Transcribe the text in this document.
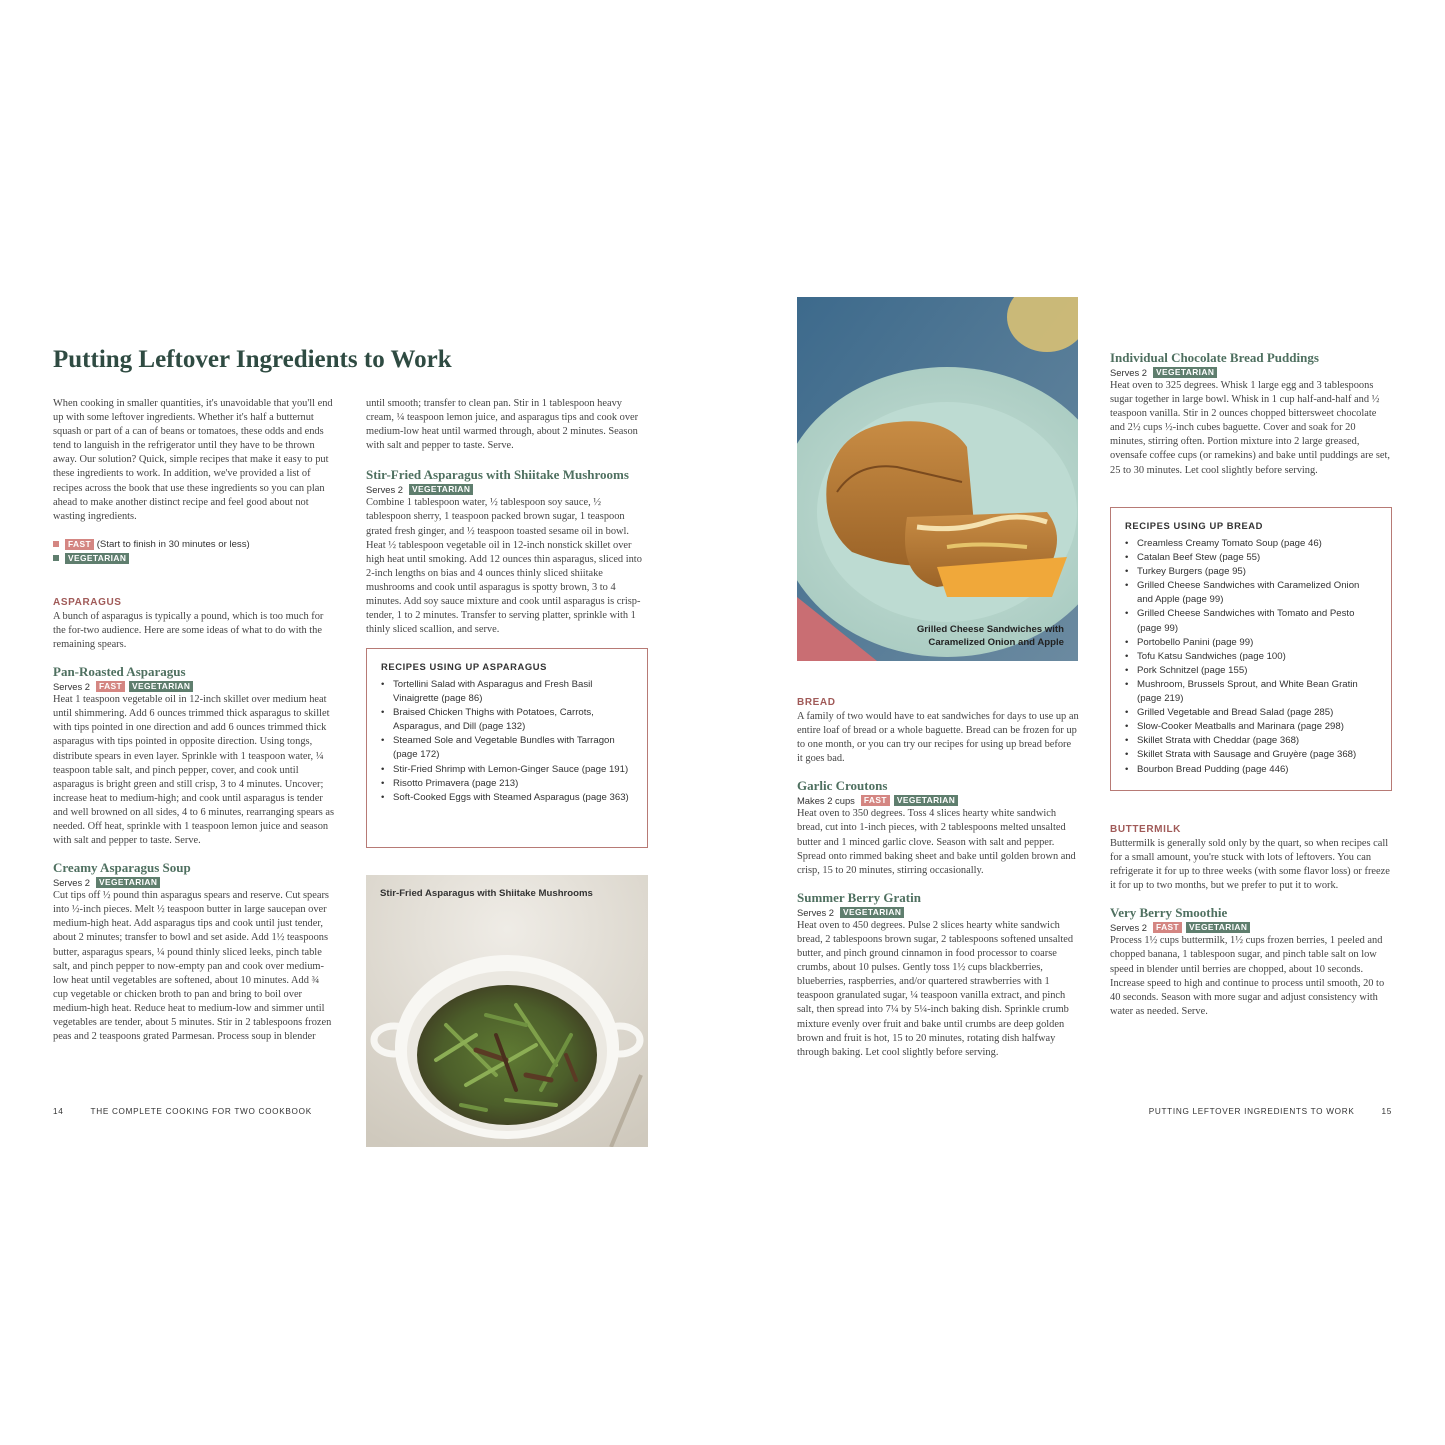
Putting Leftover Ingredients to Work

When cooking in smaller quantities, it's unavoidable that you'll end up with some leftover ingredients. Whether it's half a butternut squash or part of a can of beans or tomatoes, these odds and ends tend to languish in the refrigerator until they have to be thrown away. Our solution? Quick, simple recipes that make it easy to put these ingredients to work. In addition, we've provided a list of recipes across the book that use these ingredients so you can plan ahead to make another distinct recipe and feel good about not wasting ingredients.

FAST (Start to finish in 30 minutes or less)
VEGETARIAN
ASPARAGUS

A bunch of asparagus is typically a pound, which is too much for the for-two audience. Here are some ideas of what to do with the remaining spears.

Pan-Roasted Asparagus
Serves 2	FAST	VEGETARIAN

Heat 1 teaspoon vegetable oil in 12-inch skillet over medium heat until shimmering. Add 6 ounces trimmed thick asparagus to skillet with tips pointed in one direction and add 6 ounces trimmed thick asparagus with tips pointed in opposite direction. Using tongs, distribute spears in even layer. Sprinkle with 1 teaspoon water, ¼ teaspoon table salt, and pinch pepper, cover, and cook until asparagus is bright green and still crisp, 3 to 4 minutes. Uncover; increase heat to medium-high; and cook until asparagus is tender and well browned on all sides, 4 to 6 minutes, rearranging spears as needed. Off heat, sprinkle with 1 teaspoon lemon juice and season with salt and pepper to taste. Serve.

Creamy Asparagus Soup
Serves 2	VEGETARIAN

Cut tips off ½ pound thin asparagus spears and reserve. Cut spears into ½-inch pieces. Melt ½ teaspoon butter in large saucepan over medium-high heat. Add asparagus tips and cook until just tender, about 2 minutes; transfer to bowl and set aside. Add 1½ teaspoons butter, asparagus spears, ¼ pound thinly sliced leeks, pinch table salt, and pinch pepper to now-empty pan and cook over medium-low heat until vegetables are softened, about 10 minutes. Add ¾ cup vegetable or chicken broth to pan and bring to boil over medium-high heat. Reduce heat to medium-low and simmer until vegetables are tender, about 5 minutes. Stir in 2 tablespoons frozen peas and 2 teaspoons grated Parmesan. Process soup in blender

until smooth; transfer to clean pan. Stir in 1 tablespoon heavy cream, ¼ teaspoon lemon juice, and asparagus tips and cook over medium-low heat until warmed through, about 2 minutes. Season with salt and pepper to taste. Serve.

Stir-Fried Asparagus with Shiitake Mushrooms
Serves 2	VEGETARIAN

Combine 1 tablespoon water, ½ tablespoon soy sauce, ½ tablespoon sherry, 1 teaspoon packed brown sugar, 1 teaspoon grated fresh ginger, and ½ teaspoon toasted sesame oil in bowl. Heat ½ tablespoon vegetable oil in 12-inch nonstick skillet over high heat until smoking. Add 12 ounces thin asparagus, sliced into 2-inch lengths on bias and 4 ounces thinly sliced shiitake mushrooms and cook until asparagus is spotty brown, 3 to 4 minutes. Add soy sauce mixture and cook until asparagus is crisp-tender, 1 to 2 minutes. Transfer to serving platter, sprinkle with 1 thinly sliced scallion, and serve.

RECIPES USING UP ASPARAGUS
• Tortellini Salad with Asparagus and Fresh Basil Vinaigrette (page 86)
• Braised Chicken Thighs with Potatoes, Carrots, Asparagus, and Dill (page 132)
• Steamed Sole and Vegetable Bundles with Tarragon (page 172)
• Stir-Fried Shrimp with Lemon-Ginger Sauce (page 191)
• Risotto Primavera (page 213)
• Soft-Cooked Eggs with Steamed Asparagus (page 363)
Stir-Fried Asparagus with Shiitake Mushrooms
Grilled Cheese Sandwiches with Caramelized Onion and Apple
BREAD

A family of two would have to eat sandwiches for days to use up an entire loaf of bread or a whole baguette. Bread can be frozen for up to one month, or you can try our recipes for using up bread before it goes bad.

Garlic Croutons
Makes 2 cups	FAST	VEGETARIAN

Heat oven to 350 degrees. Toss 4 slices hearty white sandwich bread, cut into 1-inch pieces, with 2 tablespoons melted unsalted butter and 1 minced garlic clove. Season with salt and pepper. Spread onto rimmed baking sheet and bake until golden brown and crisp, 15 to 20 minutes, stirring occasionally.

Summer Berry Gratin
Serves 2	VEGETARIAN

Heat oven to 450 degrees. Pulse 2 slices hearty white sandwich bread, 2 tablespoons brown sugar, 2 tablespoons softened unsalted butter, and pinch ground cinnamon in food processor to coarse crumbs, about 10 pulses. Gently toss 1½ cups blackberries, blueberries, raspberries, and/or quartered strawberries with 1 teaspoon granulated sugar, ¼ teaspoon vanilla extract, and pinch salt, then spread into 7¼ by 5¼-inch baking dish. Sprinkle crumb mixture evenly over fruit and bake until crumbs are deep golden brown and fruit is hot, 15 to 20 minutes, rotating dish halfway through baking. Let cool slightly before serving.

Individual Chocolate Bread Puddings
Serves 2	VEGETARIAN

Heat oven to 325 degrees. Whisk 1 large egg and 3 tablespoons sugar together in large bowl. Whisk in 1 cup half-and-half and ½ teaspoon vanilla. Stir in 2 ounces chopped bittersweet chocolate and 2½ cups ½-inch cubes baguette. Cover and soak for 20 minutes, stirring often. Portion mixture into 2 large greased, ovensafe coffee cups (or ramekins) and bake until puddings are set, 25 to 30 minutes. Let cool slightly before serving.

RECIPES USING UP BREAD
• Creamless Creamy Tomato Soup (page 46)
• Catalan Beef Stew (page 55)
• Turkey Burgers (page 95)
• Grilled Cheese Sandwiches with Caramelized Onion and Apple (page 99)
• Grilled Cheese Sandwiches with Tomato and Pesto (page 99)
• Portobello Panini (page 99)
• Tofu Katsu Sandwiches (page 100)
• Pork Schnitzel (page 155)
• Mushroom, Brussels Sprout, and White Bean Gratin (page 219)
• Grilled Vegetable and Bread Salad (page 285)
• Slow-Cooker Meatballs and Marinara (page 298)
• Skillet Strata with Cheddar (page 368)
• Skillet Strata with Sausage and Gruyère (page 368)
• Bourbon Bread Pudding (page 446)
BUTTERMILK

Buttermilk is generally sold only by the quart, so when recipes call for a small amount, you're stuck with lots of leftovers. You can refrigerate it for up to three weeks (with some flavor loss) or freeze it for up to two months, but we prefer to put it to work.

Very Berry Smoothie
Serves 2	FAST	VEGETARIAN

Process 1½ cups buttermilk, 1½ cups frozen berries, 1 peeled and chopped banana, 1 tablespoon sugar, and pinch table salt on low speed in blender until berries are chopped, about 10 seconds. Increase speed to high and continue to process until smooth, 20 to 40 seconds. Season with more sugar and adjust consistency with water as needed. Serve.

14	THE COMPLETE COOKING FOR TWO COOKBOOK	PUTTING LEFTOVER INGREDIENTS TO WORK	15
